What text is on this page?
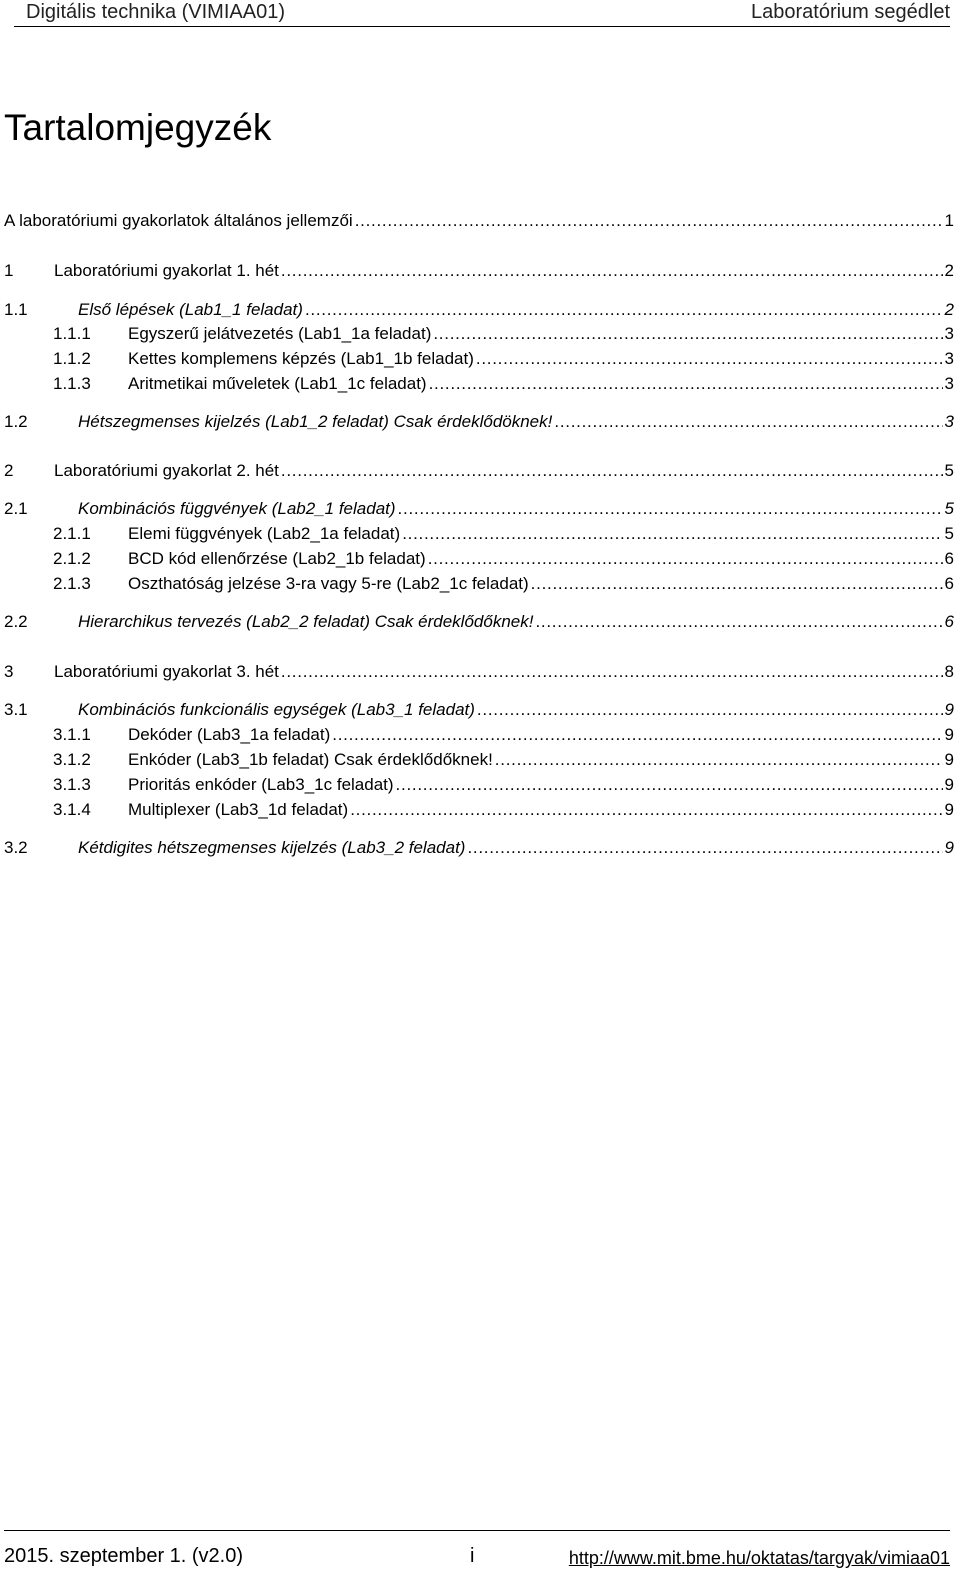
Digitális technika (VIMIAA01)	Laboratórium segédlet
Tartalomjegyzék
A laboratóriumi gyakorlatok általános jellemzői . . .	1
1	Laboratóriumi gyakorlat 1. hét . . .	2
1.1	Első lépések (Lab1_1 feladat) . . .	2
1.1.1	Egyszerű jelátvezetés (Lab1_1a feladat) . . .	3
1.1.2	Kettes komplemens képzés (Lab1_1b feladat) . . .	3
1.1.3	Aritmetikai műveletek (Lab1_1c feladat) . . .	3
1.2	Hétszegmenses kijelzés (Lab1_2 feladat) Csak érdeklődöknek! . . .	3
2	Laboratóriumi gyakorlat 2. hét . . .	5
2.1	Kombinációs függvények (Lab2_1 feladat) . . .	5
2.1.1	Elemi függvények (Lab2_1a feladat) . . .	5
2.1.2	BCD kód ellenőrzése (Lab2_1b feladat) . . .	6
2.1.3	Oszthatóság jelzése 3-ra vagy 5-re (Lab2_1c feladat) . . .	6
2.2	Hierarchikus tervezés (Lab2_2 feladat) Csak érdeklődőknek! . . .	6
3	Laboratóriumi gyakorlat 3. hét . . .	8
3.1	Kombinációs funkcionális egységek (Lab3_1 feladat) . . .	9
3.1.1	Dekóder (Lab3_1a feladat) . . .	9
3.1.2	Enkóder (Lab3_1b feladat) Csak érdeklődőknek! . . .	9
3.1.3	Prioritás enkóder (Lab3_1c feladat) . . .	9
3.1.4	Multiplexer (Lab3_1d feladat) . . .	9
3.2	Kétdigites hétszegmenses kijelzés (Lab3_2 feladat) . . .	9
2015. szeptember 1. (v2.0)	i	http://www.mit.bme.hu/oktatas/targyak/vimiaa01
